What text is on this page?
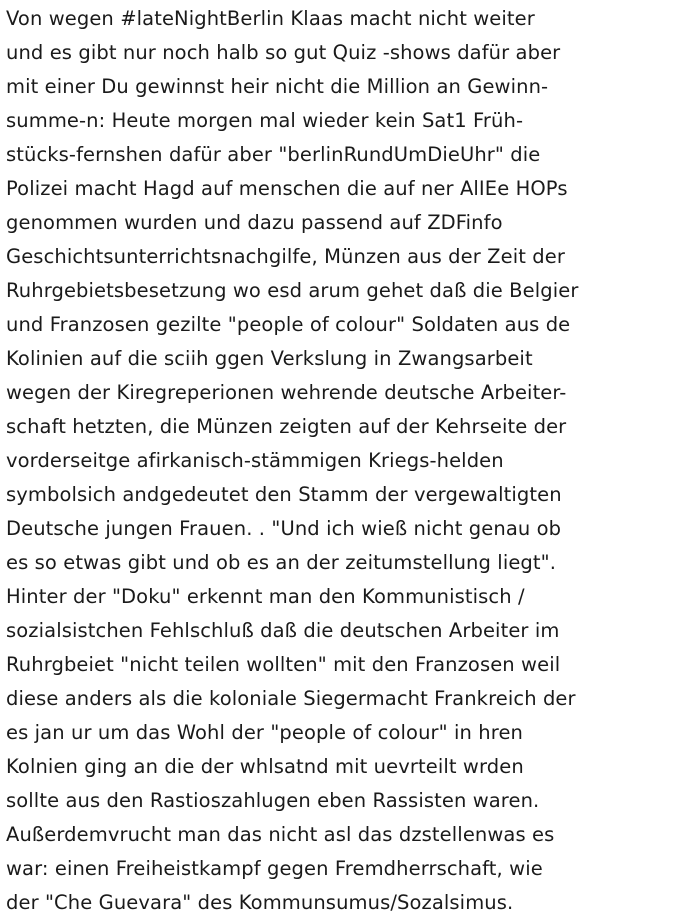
Von wegen #lateNightBerlin Klaas macht nicht weiter
und es gibt nur noch halb so gut Quiz -shows dafür aber
mit einer Du gewinnst heir nicht die Million an Gewinn-
summe-n: Heute morgen mal wieder kein Sat1 Früh-
stücks-fernshen dafür aber "berlinRundUmDieUhr" die
Polizei macht Hagd auf menschen die auf ner AlIEe HOPs
genommen wurden und dazu passend auf ZDFinfo
Geschichtsunterrichtsnachgilfe, Münzen aus der Zeit der
Ruhrgebietsbesetzung wo esd arum gehet daß die Belgier
und Franzosen gezilte "people of colour" Soldaten aus de
Kolinien auf die sciih ggen Verkslung in Zwangsarbeit
wegen der Kiregreperionen wehrende deutsche Arbeiter-
schaft hetzten, die Münzen zeigten auf der Kehrseite der
vorderseitge afirkanisch-stämmigen Kriegs-helden
symbolsich andgedeutet den Stamm der vergewaltigten
Deutsche jungen Frauen. . "Und ich wieß nicht genau ob
es so etwas gibt und ob es an der zeitumstellung liegt".
Hinter der "Doku" erkennt man den Kommunistisch /
sozialsistchen Fehlschluß daß die deutschen Arbeiter im
Ruhrgbeiet "nicht teilen wollten" mit den Franzosen weil
diese anders als die koloniale Siegermacht Frankreich der
es jan ur um das Wohl der "people of colour" in hren
Kolnien ging an die der whlsatnd mit uevrteilt wrden
sollte aus den Rastioszahlugen eben Rassisten waren.
Außerdemvrucht man das nicht asl das dzstellenwas es
war: einen Freiheistkampf gegen Fremdherrschaft, wie
der "Che Guevara" des Kommunsumus/Sozalsimus.
